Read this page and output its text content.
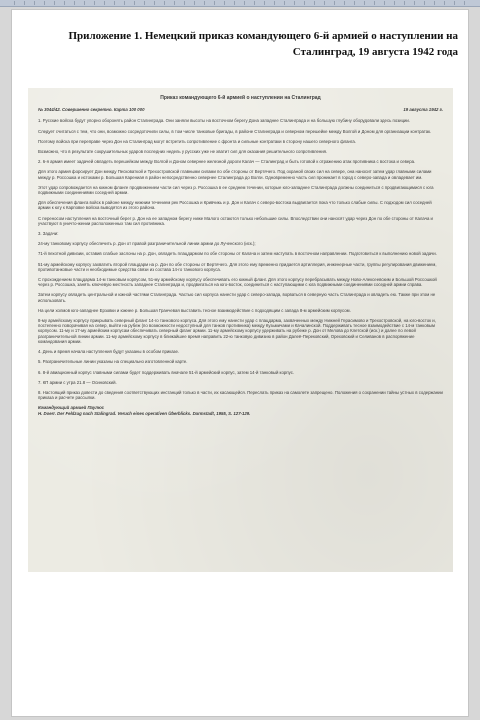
Приложение 1. Немецкий приказ командующего 6-й армией о наступлении на
Сталинград, 19 августа 1942 года
Приказ командующего 6-й армией о наступлении на Сталинград
№ 3044/42. Совершенно секретно. Карта 100 000	19 августа 1942 г.

1. Русские войска будут упорно оборонять район Сталинграда. Они заняли высоты на восточном берегу Дона западнее Сталинграда и на большую глубину оборудовали здесь позиции.

Следует считаться с тем, что они, возможно сосредоточили силы, в том числе танковые бригады, в районе Сталинграда и северном перешейке между Волгой и Доном для организации контратак.

Поэтому войска при переправе через Дон на Сталинград могут встретить сопротивление с фронта и сильные контратаки в сторону нашего северного фланга.

Возможно, что в результате сокрушительных ударов последних недель у русских уже не хватит сил для оказания решительного сопротивления.

2. 6-я армия имеет задачей овладеть перешейком между Волгой и Доном севернее железной дороги Калач — Сталинград и быть готовой к отражению атак противника с востока и севера.

Для этого армия форсирует Дон между Песковаткой и Трехостровской главными силами по обе стороны от Вертячего. Под охраной своих сил на севере, она наносит затем удар главными силами между р. Россошка и истоками р. Большая Карениая в район непосредственно севернее Сталинграда до Волги. Одновременно часть сил проникает в город с северо-запада и овладевает им.

Этот удар сопровождается на южном фланге продвижением части сил через р. Россошка в ее среднем течении, которые юго-западнее Сталинграда должны соединиться с продвигающимися с юга подвижными соединениями соседней армии.

Для обеспечения фланга войск в районе между нижним течением рек Россошка и Кривчикь и р. Дон и Калач с северо-востока выдвигается пока что только слабые силы. С подходом сил соседней армии к югу к Карповке войска выводятся из этого района.

С переносом наступления на восточный берег р. Дон на ее западном берегу ниже Малого остаются только небольшие силы. Впоследствии они наносят удар через Дон по обе стороны от Калача и участвуют в уничто-жении расположенных там сил противника.

3. Задачи:

24-му танковому корпусу обеспечить р. Дон от правой разграничительной линии армии до Лученского (иск.);

71-й пехотной дивизии, оставив слабые заслоны на р. Дон, овладеть плацдармом по обе стороны от Калача и затем наступать в восточном направлении. Подготовиться к выполнению новой задачи.

51-му армейскому корпусу захватить второй плацдарм на р. Дон по обе стороны от Вертячего. Для этого ему временно придается артиллерия, инженерные части, группы регулирования движением, противотанковые части и необходимые средства связи из состава 14-го танкового корпуса.

С прохождением плацдарма 14-м танковым корпусом, 51-му армейскому корпусу обеспечивать его южный фланг. Для этого корпусу перебрасывать между Ново-Алексеевским и Большой Россошкой через р. Россошка, занять ключевую местность западнее Сталинграда и, продвигаться на юго-восток, соединиться с наступающими с юга подвижными соединениями соседней армии справа.

Затем корпусу овладеть центральной и южной частями Сталинграда. Частью сил корпуса нанести удар с северо-запада, ворваться в северную часть Сталинграда и овладеть ею. Также при этом не использовать.

На цели холмов юго-западнее Ерзовки и южнее р. Большая Гранчевая выставить тесное взаимодействие с подходящим с запада 8-м армейским корпусом.

8-му армейскому корпусу прикрывать северный фланг 14-го танкового корпуса. Для этого ему нанести удар с плацдарма, захваченных между Нижней Герасимово и Трехостровской, на юго-восток и, постепенно поворачивая на север, выйти на рубеж (по возможности недоступный для танков противника) между Кузьмичами и Качалинской. Поддерживать тесное взаимодействие с 14-м танковым корпусом. 11-му и 17-му армейским корпусам обеспечивать северный фланг армии. 11-му армейскому корпусу удерживать на рубеже р. Дон от Мелова до Клетской (иск.) и далее по левой разграничительной линии армии. 11-му армейскому корпусу в ближайшее время направить 22-ю танковую дивизию в район Далеё-Перековский, Ореховский и Селиванов в распоряжение командования армии.

4. День и время начала наступления будут указаны в особом приказе.

5. Разграничительные линии указаны на специально изготовленной карте.

6. 8-й авиационный корпус главными силами будет поддерживать вначале 51-й армейский корпус, затем 14-й танковый корпус.

7. КП армии с утра 21.8 — Осиновский.

8. Настоящий приказ довести до сведения соответствующих инстанций только в части, их касающейся. Переслать приказ на самолете запрещено. Положения о сохранении тайны устных в содержании приказа и расчете рассылки.

Командующий армией Паулюс

H. Doerr. Der Feldzug nach Stalingrad. Veruch eines operativen Überblicks. Darmstadt, 1955, S. 127-129.
